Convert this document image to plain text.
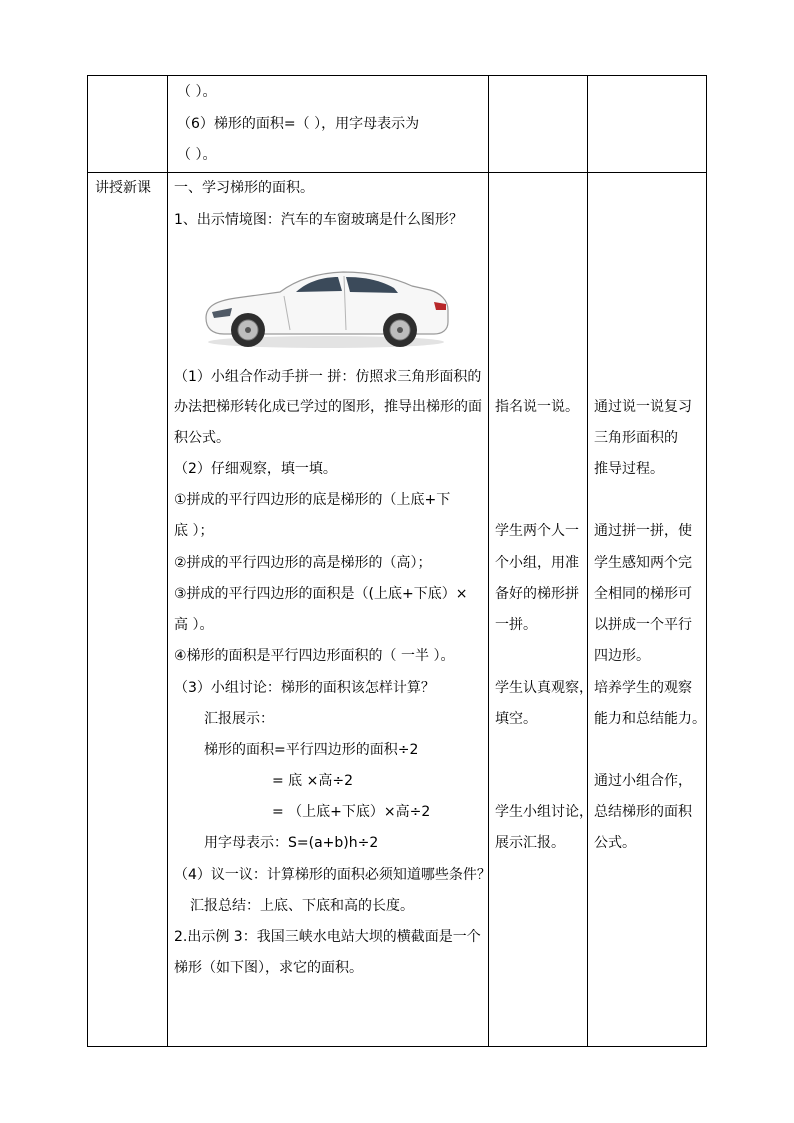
（ ）。
（6）梯形的面积=（ ），用字母表示为
（ ）。
讲授新课 一、学习梯形的面积。
1、出示情境图：汽车的车窗玻璃是什么图形？
（1）小组合作动手拼一 拼：仿照求三角形面积的
办法把梯形转化成已学过的图形，推导出梯形的面
积公式。
（2）仔细观察，填一填。
①拼成的平行四边形的底是梯形的（上底+下
底 ）；
②拼成的平行四边形的高是梯形的（高）；
③拼成的平行四边形的面积是（(上底+下底）×
高 ）。
④梯形的面积是平行四边形面积的（ 一半 ）。
（3）小组讨论：梯形的面积该怎样计算？
汇报展示：
梯形的面积=平行四边形的面积÷2
= 底 ×高÷2
= （上底+下底）×高÷2
用字母表示：S=(a+b)h÷2
（4）议一议：计算梯形的面积必须知道哪些条件？
汇报总结：上底、下底和高的长度。
2.出示例 3：我国三峡水电站大坝的横截面是一个
梯形（如下图），求它的面积。
指名说一说。
学生两个人一
个小组，用准
备好的梯形拼
一拼。
学生认真观察，
填空。
学生小组讨论，
展示汇报。
通过说一说复习
三角形面积的
推导过程。
通过拼一拼，使
学生感知两个完
全相同的梯形可
以拼成一个平行
四边形。
培养学生的观察
能力和总结能力。
通过小组合作，
总结梯形的面积
公式。
